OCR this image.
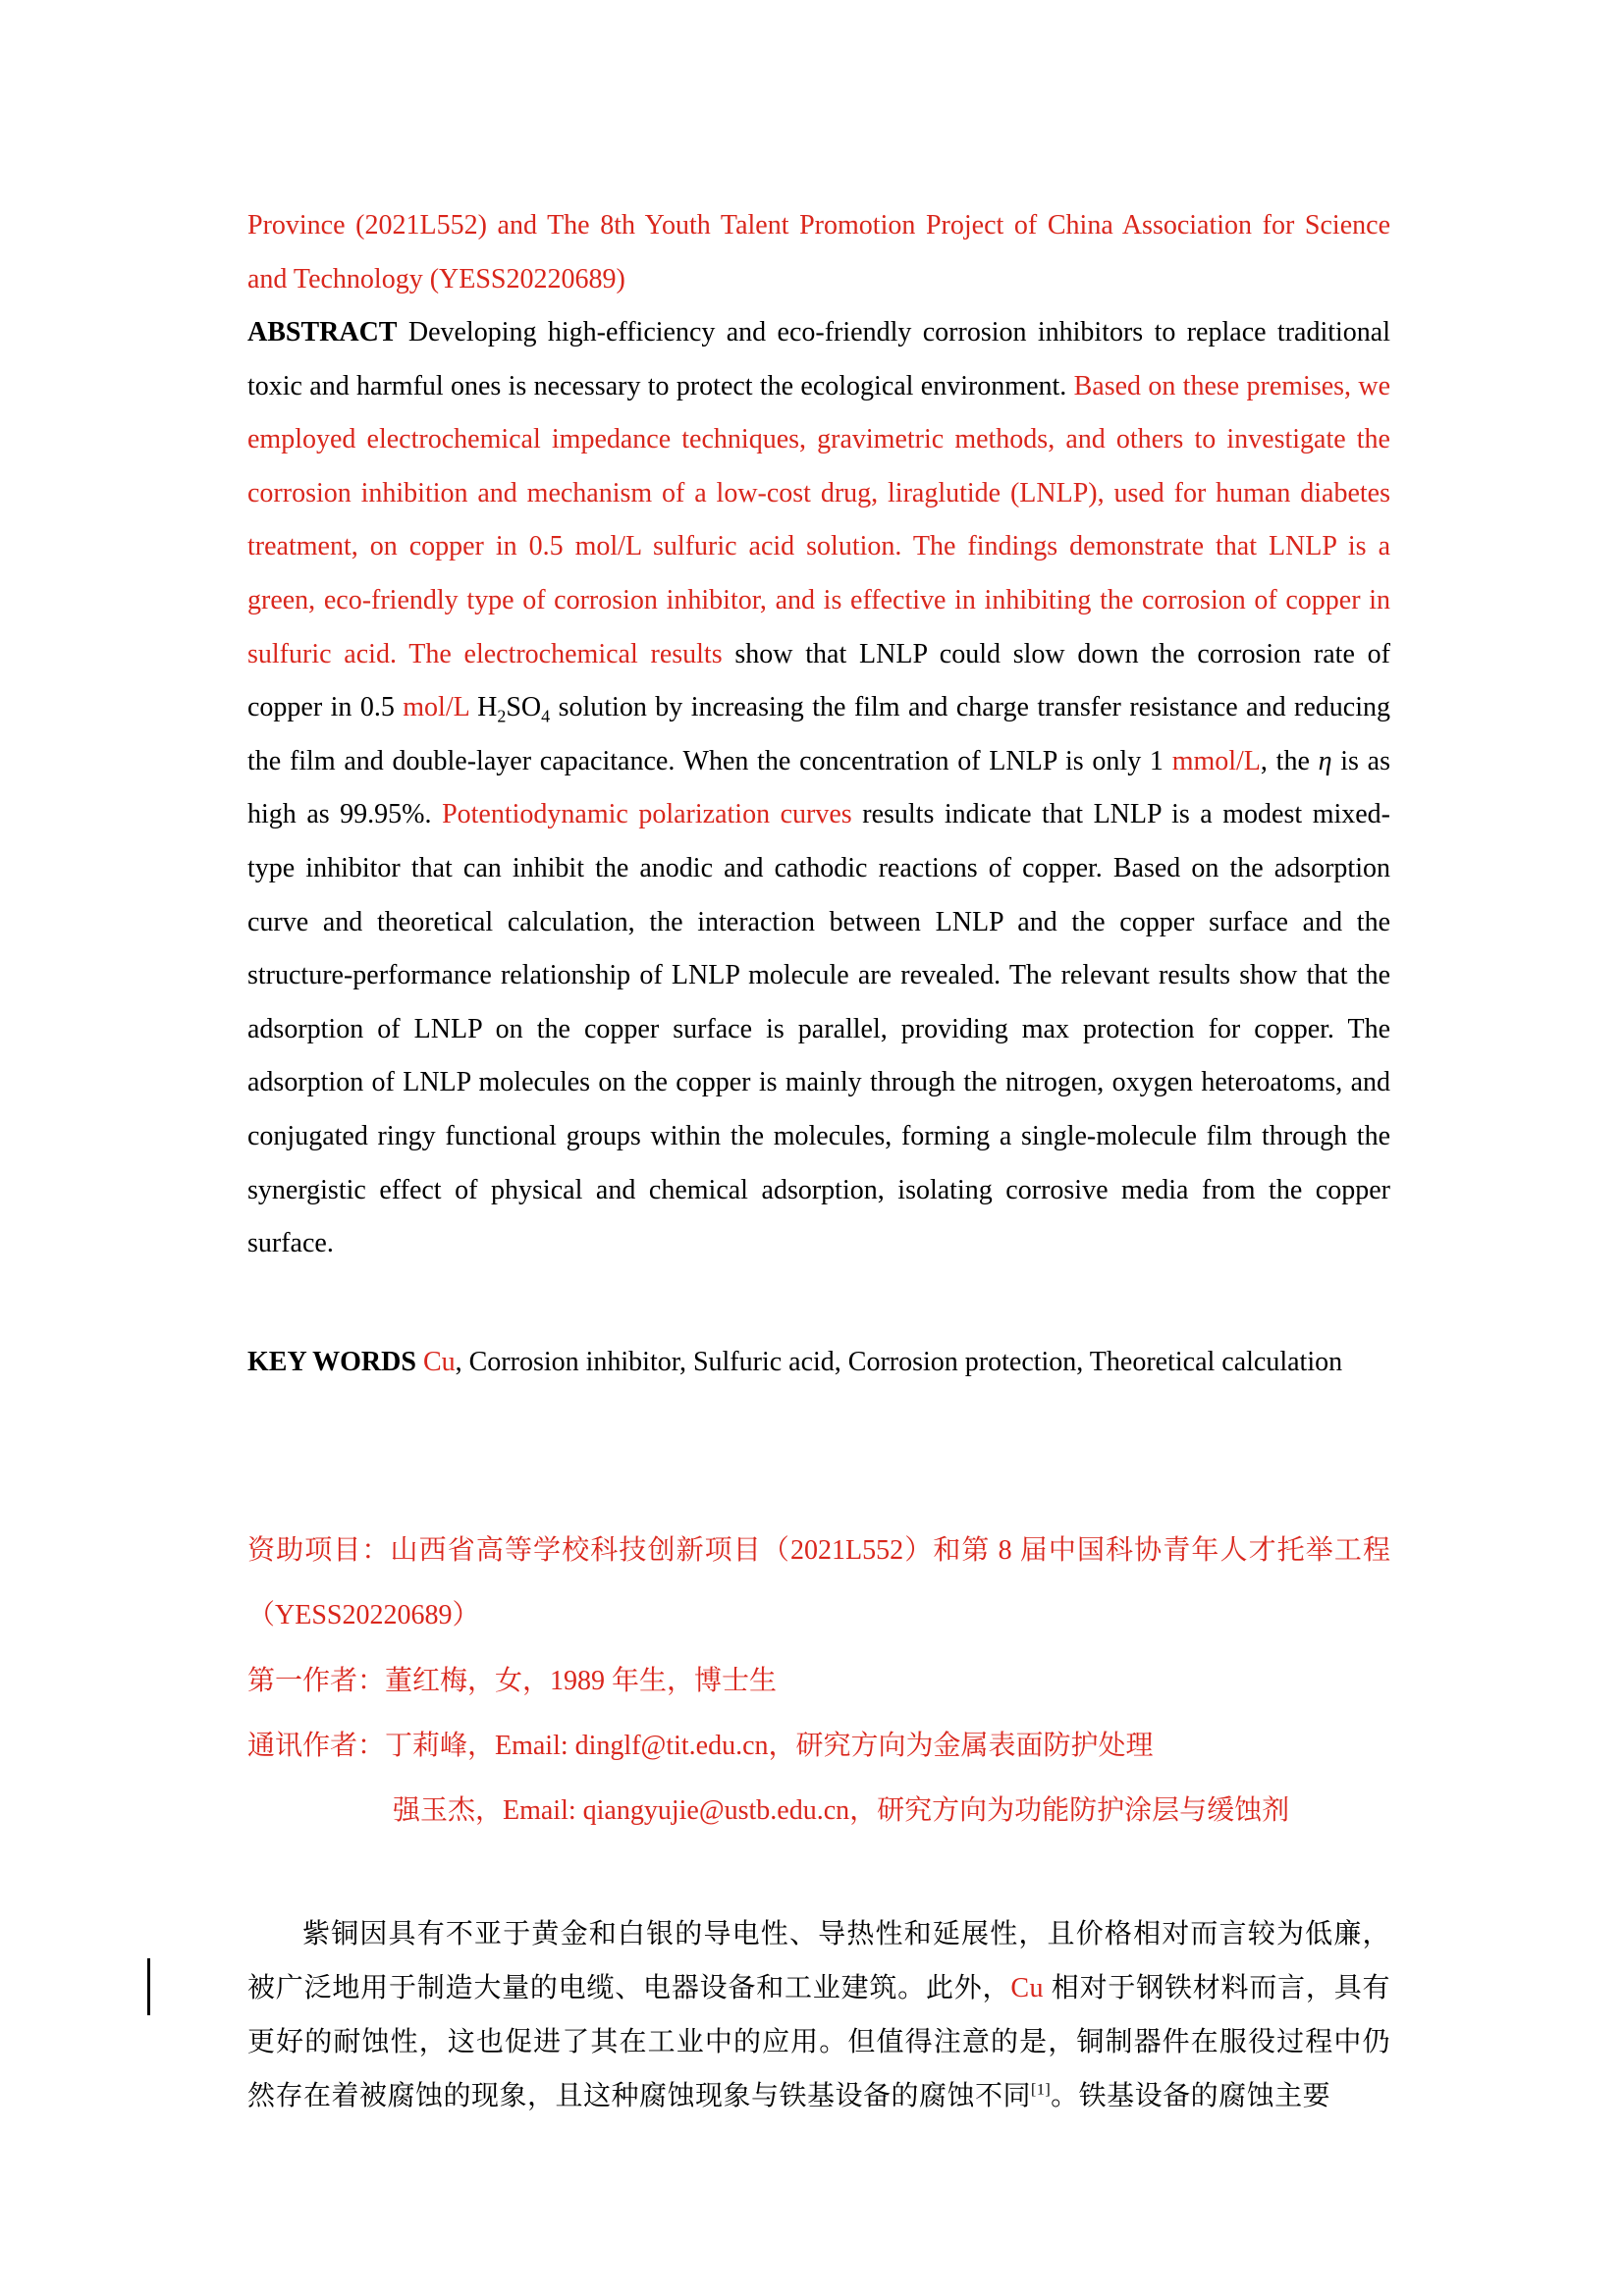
Province (2021L552) and The 8th Youth Talent Promotion Project of China Association for Science and Technology (YESS20220689)

ABSTRACT Developing high-efficiency and eco-friendly corrosion inhibitors to replace traditional toxic and harmful ones is necessary to protect the ecological environment. Based on these premises, we employed electrochemical impedance techniques, gravimetric methods, and others to investigate the corrosion inhibition and mechanism of a low-cost drug, liraglutide (LNLP), used for human diabetes treatment, on copper in 0.5 mol/L sulfuric acid solution. The findings demonstrate that LNLP is a green, eco-friendly type of corrosion inhibitor, and is effective in inhibiting the corrosion of copper in sulfuric acid. The electrochemical results show that LNLP could slow down the corrosion rate of copper in 0.5 mol/L $H_2SO_4$ solution by increasing the film and charge transfer resistance and reducing the film and double-layer capacitance. When the concentration of LNLP is only 1 mmol/L, the η is as high as 99.95%. Potentiodynamic polarization curves results indicate that LNLP is a modest mixed-type inhibitor that can inhibit the anodic and cathodic reactions of copper. Based on the adsorption curve and theoretical calculation, the interaction between LNLP and the copper surface and the structure-performance relationship of LNLP molecule are revealed. The relevant results show that the adsorption of LNLP on the copper surface is parallel, providing max protection for copper. The adsorption of LNLP molecules on the copper is mainly through the nitrogen, oxygen heteroatoms, and conjugated ringy functional groups within the molecules, forming a single-molecule film through the synergistic effect of physical and chemical adsorption, isolating corrosive media from the copper surface.

KEY WORDS Cu, Corrosion inhibitor, Sulfuric acid, Corrosion protection, Theoretical calculation

资助项目：山西省高等学校科技创新项目（2021L552）和第 8 届中国科协青年人才托举工程（YESS20220689）

第一作者：董红梅，女，1989 年生，博士生

通讯作者：丁莉峰，Email: dinglf@tit.edu.cn，研究方向为金属表面防护处理

强玉杰，Email: qiangyujie@ustb.edu.cn，研究方向为功能防护涂层与缓蚀剂

紫铜因具有不亚于黄金和白银的导电性、导热性和延展性，且价格相对而言较为低廉，被广泛地用于制造大量的电缆、电器设备和工业建筑。此外，Cu 相对于钢铁材料而言，具有更好的耐蚀性，这也促进了其在工业中的应用。但值得注意的是，铜制器件在服役过程中仍然存在着被腐蚀的现象，且这种腐蚀现象与铁基设备的腐蚀不同[1]。铁基设备的腐蚀主要
